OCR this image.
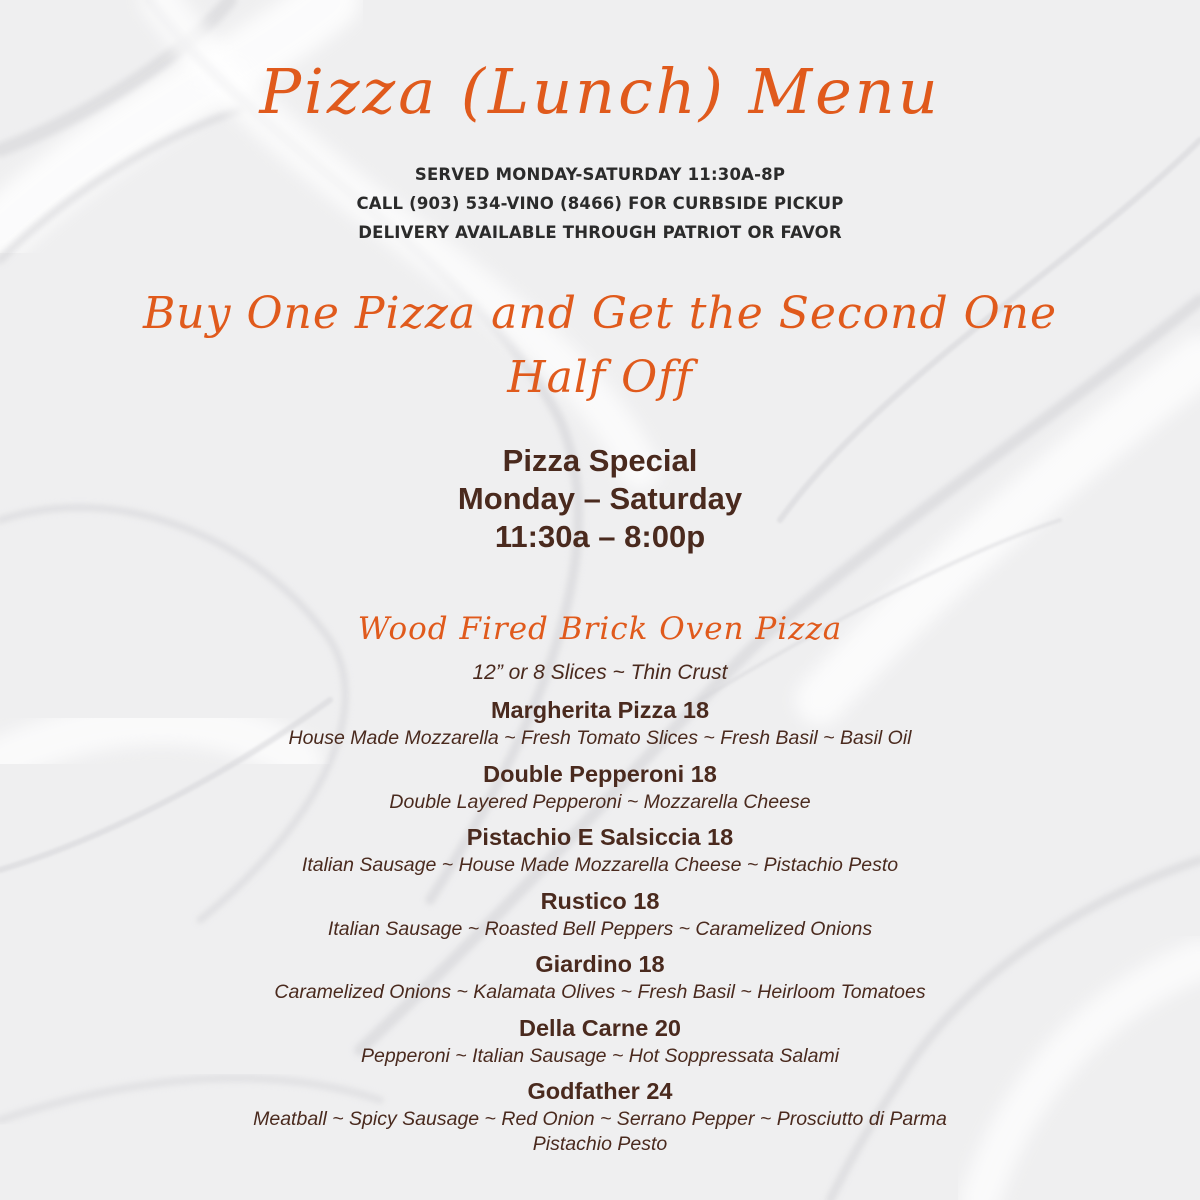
Pizza (Lunch) Menu
SERVED MONDAY-SATURDAY 11:30A-8P
CALL (903) 534-VINO (8466) FOR CURBSIDE PICKUP
DELIVERY AVAILABLE THROUGH PATRIOT OR FAVOR
Buy One Pizza and Get the Second One
Half Off
Pizza Special
Monday – Saturday
11:30a – 8:00p
Wood Fired Brick Oven Pizza
12” or 8 Slices ~ Thin Crust
Margherita Pizza 18
House Made Mozzarella ~ Fresh Tomato Slices ~ Fresh Basil ~ Basil Oil
Double Pepperoni 18
Double Layered Pepperoni ~ Mozzarella Cheese
Pistachio E Salsiccia 18
Italian Sausage ~ House Made Mozzarella Cheese ~ Pistachio Pesto
Rustico 18
Italian Sausage ~ Roasted Bell Peppers ~ Caramelized Onions
Giardino 18
Caramelized Onions ~ Kalamata Olives ~ Fresh Basil ~ Heirloom Tomatoes
Della Carne 20
Pepperoni ~ Italian Sausage ~ Hot Soppressata Salami
Godfather 24
Meatball ~ Spicy Sausage ~ Red Onion ~ Serrano Pepper ~ Prosciutto di Parma
Pistachio Pesto
